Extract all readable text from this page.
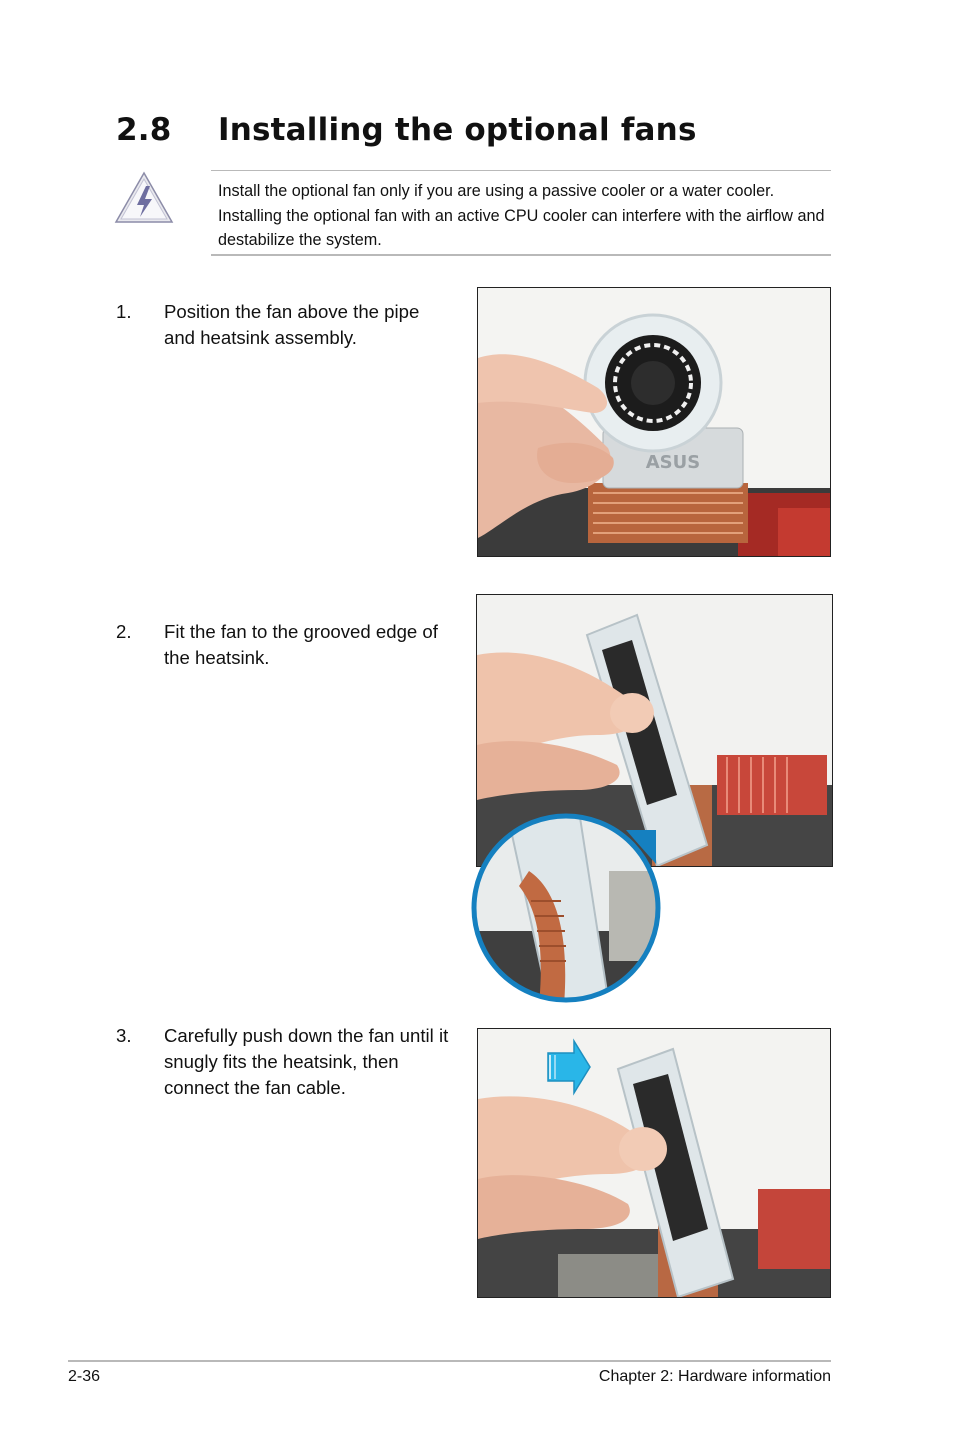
2.8 Installing the optional fans
Install the optional fan only if you are using a passive cooler or a water cooler. Installing the optional fan with an active CPU cooler can interfere with the airflow and destabilize the system.
1. Position the fan above the pipe and heatsink assembly.
ASUS
2. Fit the fan to the grooved edge of the heatsink.
3. Carefully push down the fan until it snugly fits the heatsink, then connect the fan cable.
2-36	Chapter 2: Hardware information
